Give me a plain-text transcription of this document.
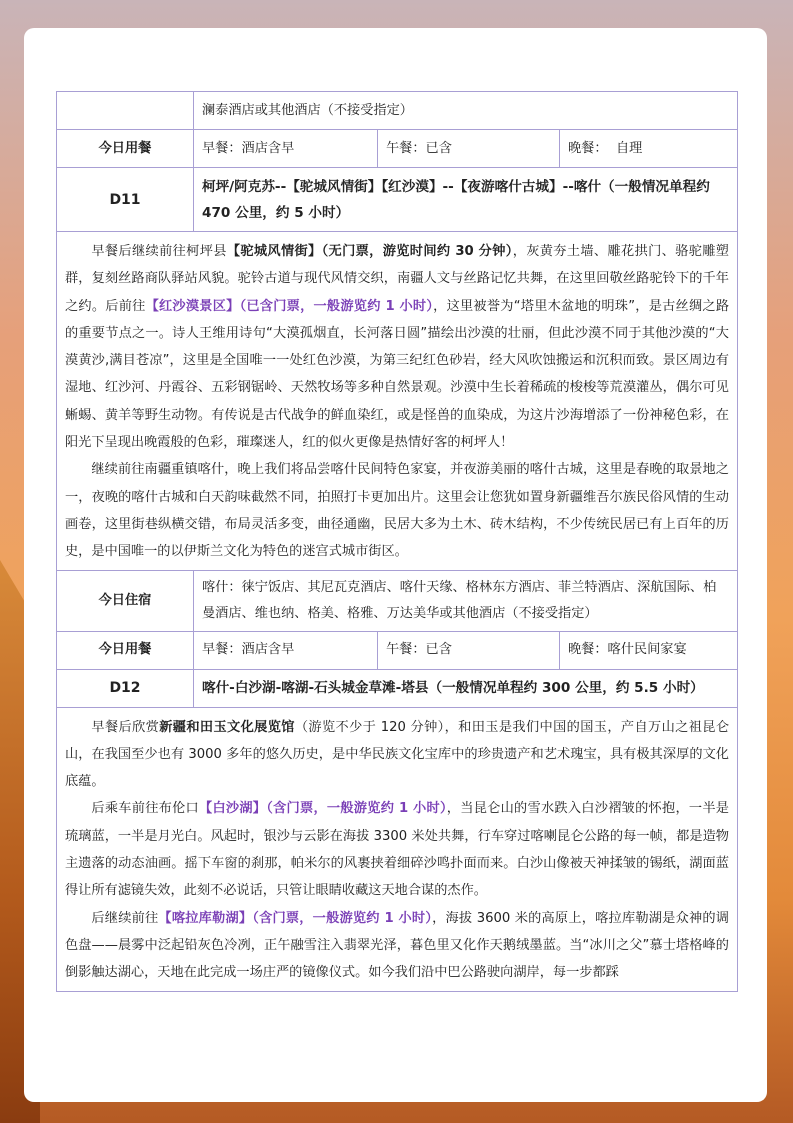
	澜泰酒店或其他酒店（不接受指定）		
今日用餐	早餐：酒店含早	午餐：已含	晚餐：  自理
D11	柯坪/阿克苏--【驼城风情街】【红沙漠】--【夜游喀什古城】--喀什（一般情况单程约 470 公里，约 5 小时）		

早餐后继续前往柯坪县【驼城风情街】（无门票，游览时间约 30 分钟），灰黄夯土墙、雕花拱门、骆驼雕塑群，复刻丝路商队驿站风貌。驼铃古道与现代风情交织，南疆人文与丝路记忆共舞，在这里回敬丝路驼铃下的千年之约。后前往【红沙漠景区】（已含门票，一般游览约 1 小时），这里被誉为“塔里木盆地的明珠”，是古丝绸之路的重要节点之一。诗人王维用诗句“大漠孤烟直，长河落日圆”描绘出沙漠的壮丽，但此沙漠不同于其他沙漠的“大漠黄沙,满目苍凉”，这里是全国唯一一处红色沙漠，为第三纪红色砂岩，经大风吹蚀搬运和沉积而致。景区周边有湿地、红沙河、丹霞谷、五彩钢锯岭、天然牧场等多种自然景观。沙漠中生长着稀疏的梭梭等荒漠灌丛，偶尔可见蜥蜴、黄羊等野生动物。有传说是古代战争的鲜血染红，或是怪兽的血染成，为这片沙海增添了一份神秘色彩，在阳光下呈现出晚霞般的色彩，璀璨迷人，红的似火更像是热情好客的柯坪人！

继续前往南疆重镇喀什，晚上我们将品尝喀什民间特色家宴，并夜游美丽的喀什古城，这里是春晚的取景地之一，夜晚的喀什古城和白天韵味截然不同，拍照打卡更加出片。这里会让您犹如置身新疆维吾尔族民俗风情的生动画卷，这里街巷纵横交错，布局灵活多变，曲径通幽，民居大多为土木、砖木结构，不少传统民居已有上百年的历史，是中国唯一的以伊斯兰文化为特色的迷宫式城市街区。			

今日住宿	喀什：徕宁饭店、其尼瓦克酒店、喀什天缘、格林东方酒店、菲兰特酒店、深航国际、柏曼酒店、维也纳、格美、格雅、万达美华或其他酒店（不接受指定）		
今日用餐	早餐：酒店含早	午餐：已含	晚餐：喀什民间家宴
D12	喀什-白沙湖-喀湖-石头城金草滩-塔县（一般情况单程约 300 公里，约 5.5 小时）		

早餐后欣赏新疆和田玉文化展览馆（游览不少于 120 分钟），和田玉是我们中国的国玉，产自万山之祖昆仑山，在我国至少也有 3000 多年的悠久历史，是中华民族文化宝库中的珍贵遗产和艺术瑰宝，具有极其深厚的文化底蕴。

后乘车前往布伦口【白沙湖】（含门票，一般游览约 1 小时），当昆仑山的雪水跌入白沙褶皱的怀抱，一半是琉璃蓝，一半是月光白。风起时，银沙与云影在海拔 3300 米处共舞，行车穿过喀喇昆仑公路的每一帧，都是造物主遗落的动态油画。摇下车窗的刹那，帕米尔的风裹挟着细碎沙鸣扑面而来。白沙山像被天神揉皱的锡纸，湖面蓝得让所有滤镜失效，此刻不必说话，只管让眼睛收藏这天地合谋的杰作。

后继续前往【喀拉库勒湖】（含门票，一般游览约 1 小时），海拔 3600 米的高原上，喀拉库勒湖是众神的调色盘——晨雾中泛起铅灰色冷冽，正午融雪注入翡翠光泽，暮色里又化作天鹅绒墨蓝。当“冰川之父”慕士塔格峰的倒影触达湖心，天地在此完成一场庄严的镜像仪式。如今我们沿中巴公路驶向湖岸，每一步都踩			
